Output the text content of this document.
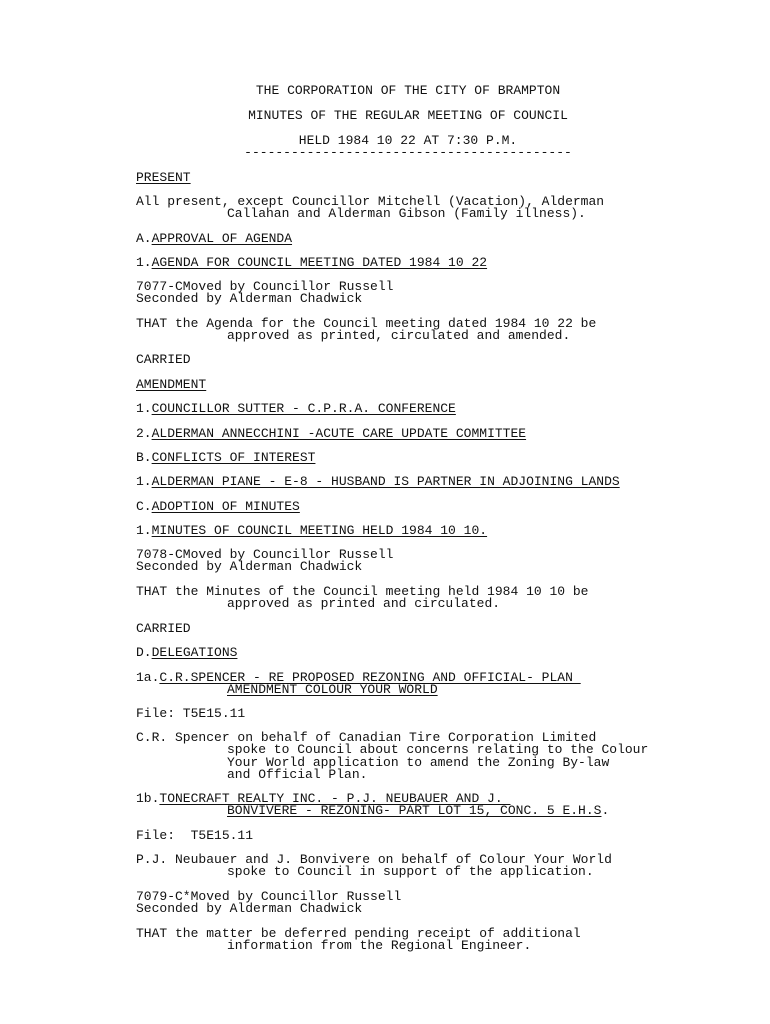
THE CORPORATION OF THE CITY OF BRAMPTON
MINUTES OF THE REGULAR MEETING OF COUNCIL
HELD 1984 10 22 AT 7:30 P.M.
------------------------------------------
PRESENT
All present, except Councillor Mitchell (Vacation), Alderman
Callahan and Alderman Gibson (Family illness).
A.APPROVAL OF AGENDA
1.AGENDA FOR COUNCIL MEETING DATED 1984 10 22
7077-CMoved by Councillor Russell
Seconded by Alderman Chadwick
THAT the Agenda for the Council meeting dated 1984 10 22 be
approved as printed, circulated and amended.
CARRIED
AMENDMENT
1.COUNCILLOR SUTTER - C.P.R.A. CONFERENCE
2.ALDERMAN ANNECCHINI -ACUTE CARE UPDATE COMMITTEE
B.CONFLICTS OF INTEREST
1.ALDERMAN PIANE - E-8 - HUSBAND IS PARTNER IN ADJOINING LANDS
C.ADOPTION OF MINUTES
1.MINUTES OF COUNCIL MEETING HELD 1984 10 10.
7078-CMoved by Councillor Russell
Seconded by Alderman Chadwick
THAT the Minutes of the Council meeting held 1984 10 10 be
approved as printed and circulated.
CARRIED
D.DELEGATIONS
1a.C.R.SPENCER - RE PROPOSED REZONING AND OFFICIAL- PLAN
AMENDMENT COLOUR YOUR WORLD
File: T5E15.11
C.R. Spencer on behalf of Canadian Tire Corporation Limited
spoke to Council about concerns relating to the Colour
Your World application to amend the Zoning By-law
and Official Plan.
1b.TONECRAFT REALTY INC. - P.J. NEUBAUER AND J.
BONVIVERE - REZONING- PART LOT 15, CONC. 5 E.H.S.
File:  T5E15.11
P.J. Neubauer and J. Bonvivere on behalf of Colour Your World
spoke to Council in support of the application.
7079-C*Moved by Councillor Russell
Seconded by Alderman Chadwick
THAT the matter be deferred pending receipt of additional
information from the Regional Engineer.
